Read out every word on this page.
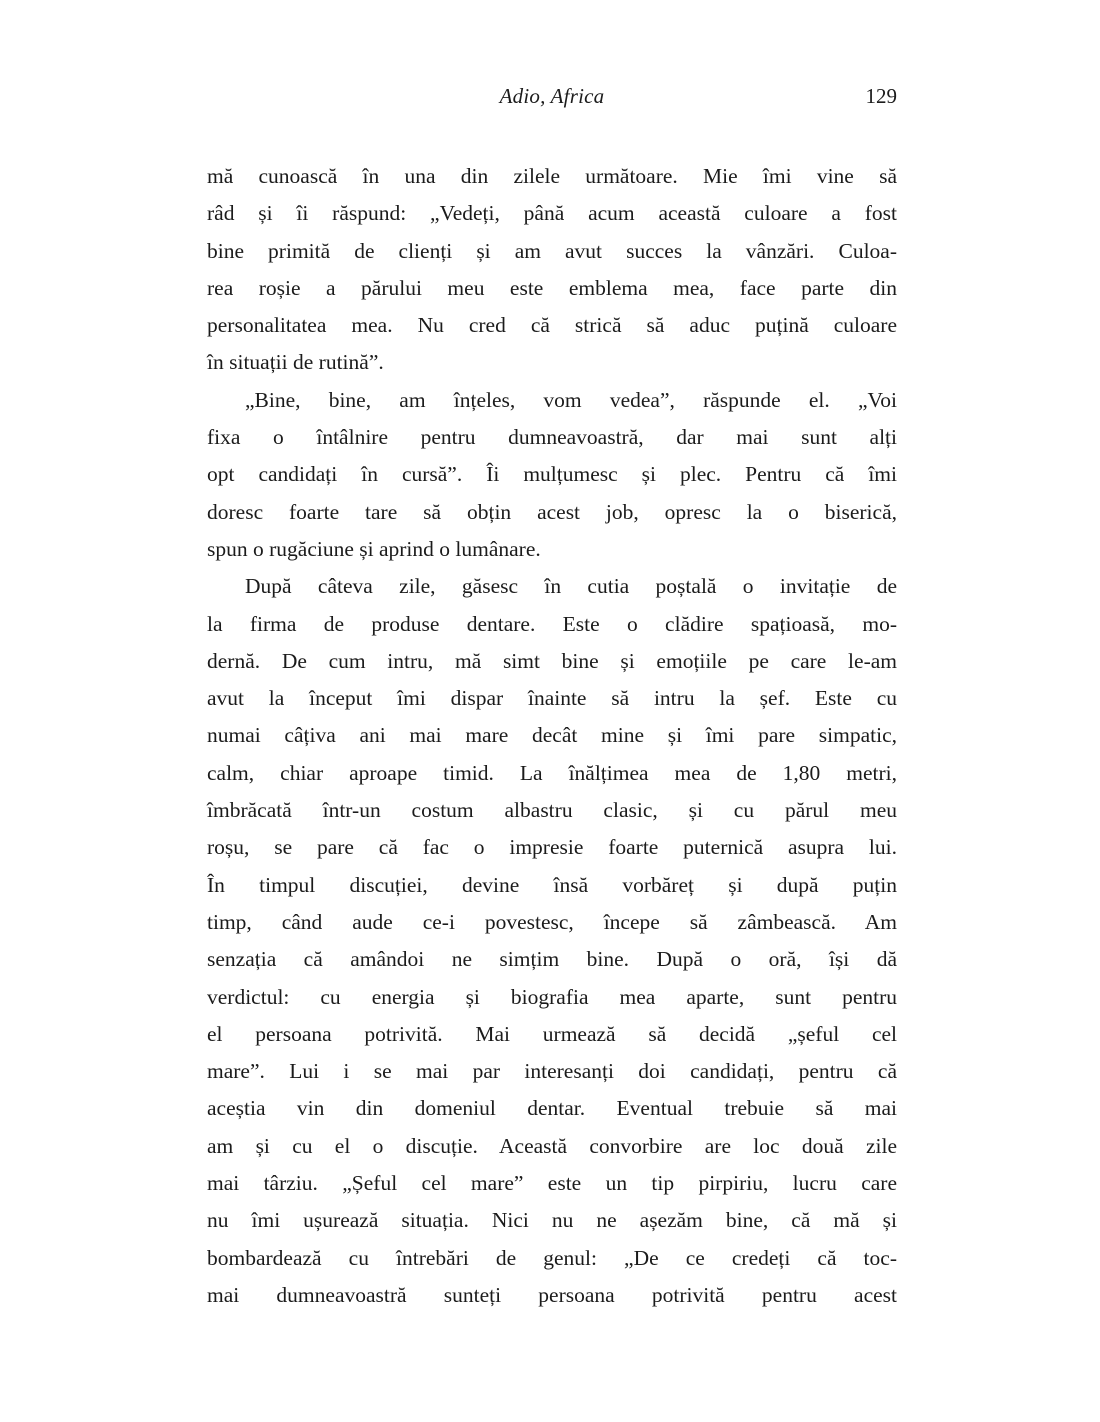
Adio, Africa	129
mă cunoască în una din zilele următoare. Mie îmi vine să
râd și îi răspund: „Vedeți, până acum această culoare a fost
bine primită de clienți și am avut succes la vânzări. Culoa-
rea roșie a părului meu este emblema mea, face parte din
personalitatea mea. Nu cred că strică să aduc puțină culoare
în situații de rutină”.
„Bine, bine, am înțeles, vom vedea”, răspunde el. „Voi
fixa o întâlnire pentru dumneavoastră, dar mai sunt alți
opt candidați în cursă”. Îi mulțumesc și plec. Pentru că îmi
doresc foarte tare să obțin acest job, opresc la o biserică,
spun o rugăciune și aprind o lumânare.
După câteva zile, găsesc în cutia poștală o invitație de
la firma de produse dentare. Este o clădire spațioasă, mo-
dernă. De cum intru, mă simt bine și emoțiile pe care le-am
avut la început îmi dispar înainte să intru la șef. Este cu
numai câțiva ani mai mare decât mine și îmi pare simpatic,
calm, chiar aproape timid. La înălțimea mea de 1,80 metri,
îmbrăcată într-un costum albastru clasic, și cu părul meu
roșu, se pare că fac o impresie foarte puternică asupra lui.
În timpul discuției, devine însă vorbăreț și după puțin
timp, când aude ce-i povestesc, începe să zâmbească. Am
senzația că amândoi ne simțim bine. După o oră, își dă
verdictul: cu energia și biografia mea aparte, sunt pentru
el persoana potrivită. Mai urmează să decidă „șeful cel
mare”. Lui i se mai par interesanți doi candidați, pentru că
aceștia vin din domeniul dentar. Eventual trebuie să mai
am și cu el o discuție. Această convorbire are loc două zile
mai târziu. „Șeful cel mare” este un tip pirpiriu, lucru care
nu îmi ușurează situația. Nici nu ne așezăm bine, că mă și
bombardează cu întrebări de genul: „De ce credeți că toc-
mai dumneavoastră sunteți persoana potrivită pentru acest
